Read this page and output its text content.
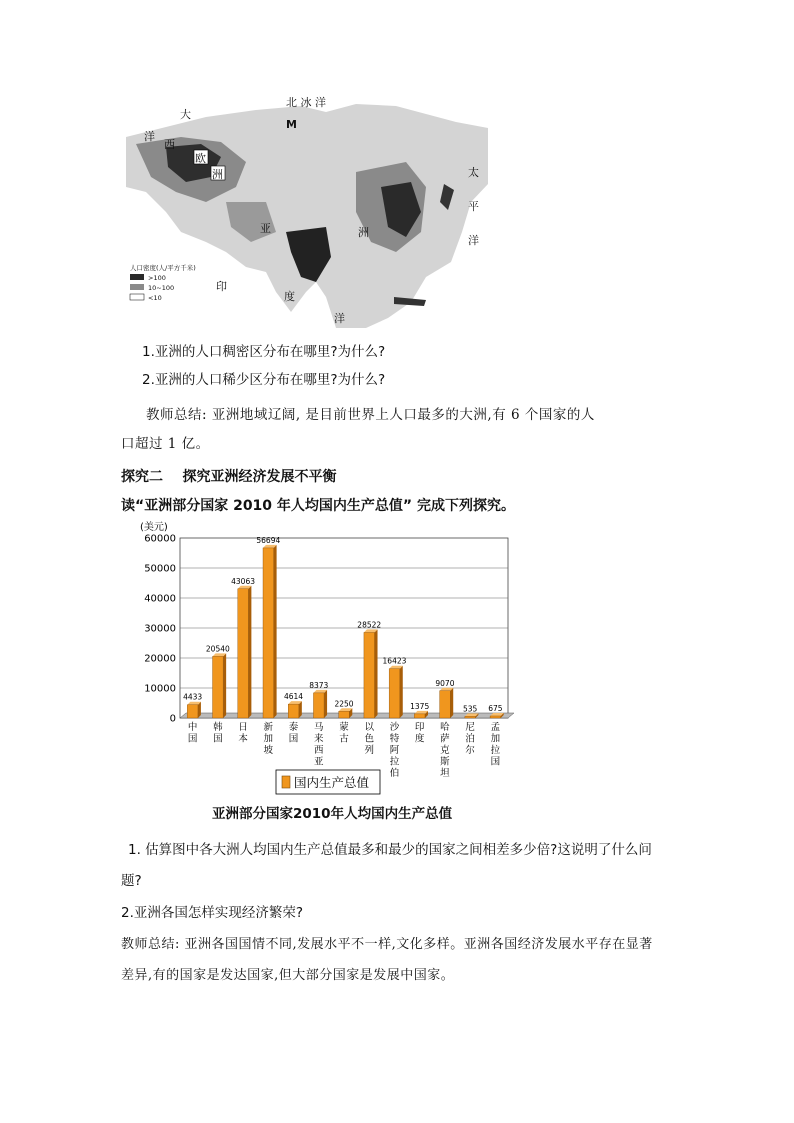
北 冰 洋
M
大
西
洋
欧
洲	太
平
洋
亚	洲
印
度
洋
人口密度(人/平方千米)
>100
10~100
<10
1.亚洲的人口稠密区分布在哪里?为什么?
2.亚洲的人口稀少区分布在哪里?为什么?
教师总结: 亚洲地域辽阔, 是目前世界上人口最多的大洲,有 6 个国家的人
口超过 1 亿。
探究二    探究亚洲经济发展不平衡
读“亚洲部分国家 2010 年人均国内生产总值” 完成下列探究。
(美元)
60000
50000
40000
30000
20000
10000
0
4433
中
国
20540
韩
国
43063
日
本
56694
新
加
坡
4614
泰
国
8373
马
来
西
亚
2250
蒙
古
28522
以
色
列
16423
沙
特
阿
拉
伯
1375
印
度
9070
哈
萨
克
斯
坦
535
尼
泊
尔
675
孟
加
拉
国
国内生产总值
亚洲部分国家2010年人均国内生产总值
1. 估算图中各大洲人均国内生产总值最多和最少的国家之间相差多少倍?这说明了什么问
题?
2.亚洲各国怎样实现经济繁荣?
教师总结: 亚洲各国国情不同,发展水平不一样,文化多样。亚洲各国经济发展水平存在显著
差异,有的国家是发达国家,但大部分国家是发展中国家。
